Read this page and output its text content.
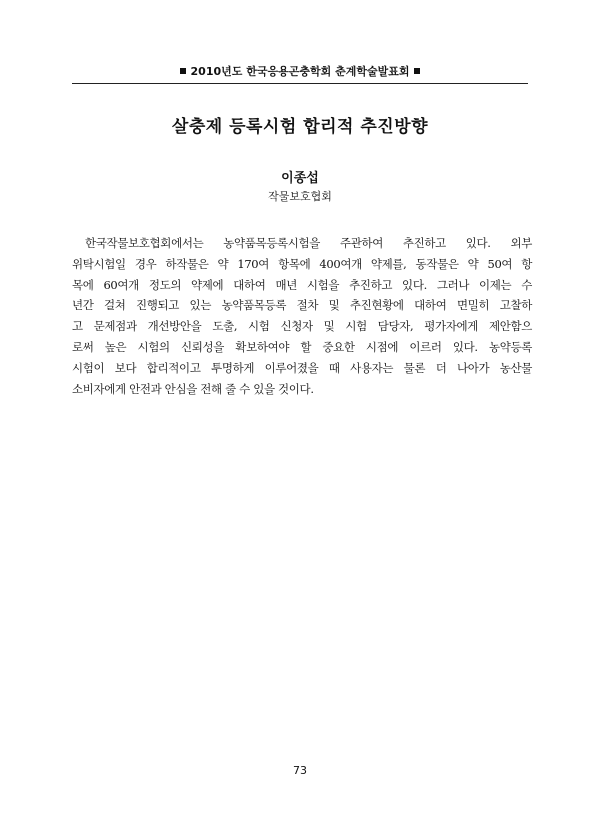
2010년도 한국응용곤충학회 춘계학술발표회
살충제 등록시험 합리적 추진방향
이종섭
작물보호협회
한국작물보호협회에서는 농약품목등록시험을 주관하여 추진하고 있다. 외부
위탁시험일 경우 하작물은 약 170여 항목에 400여개 약제를, 동작물은 약 50여 항
목에 60여개 정도의 약제에 대하여 매년 시험을 추진하고 있다. 그러나 이제는 수
년간 걸쳐 진행되고 있는 농약품목등록 절차 및 추진현황에 대하여 면밀히 고찰하
고 문제점과 개선방안을 도출, 시험 신청자 및 시험 담당자, 평가자에게 제안함으
로써 높은 시험의 신뢰성을 확보하여야 할 중요한 시점에 이르러 있다. 농약등록
시험이 보다 합리적이고 투명하게 이루어졌을 때 사용자는 물론 더 나아가 농산물
소비자에게 안전과 안심을 전해 줄 수 있을 것이다.
73
